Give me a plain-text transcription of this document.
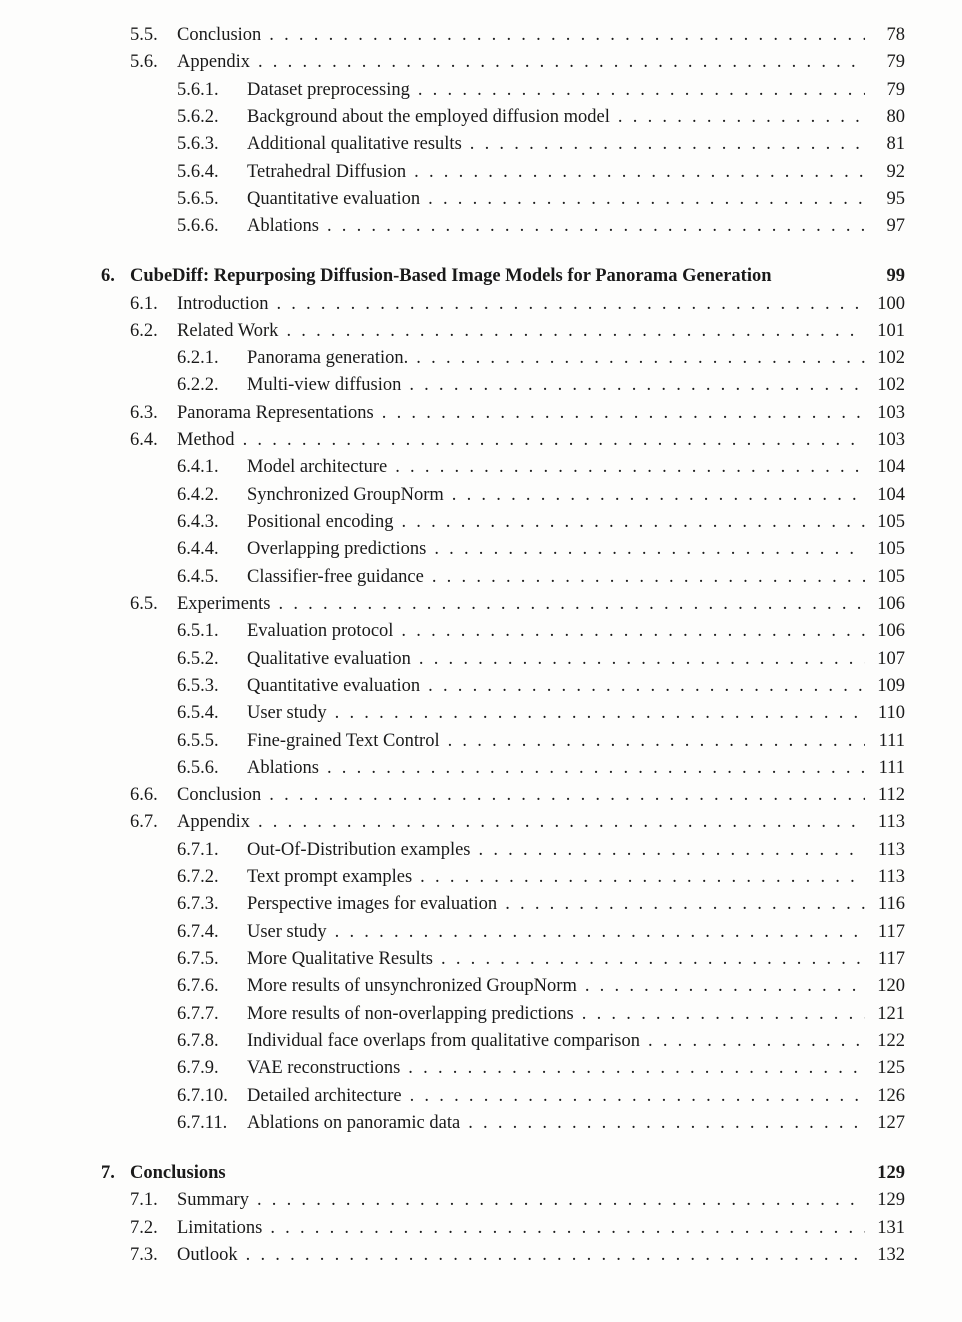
5.5.	Conclusion .....	78
5.6.	Appendix .....	79
5.6.1.	Dataset preprocessing .....	79
5.6.2.	Background about the employed diffusion model .....	80
5.6.3.	Additional qualitative results .....	81
5.6.4.	Tetrahedral Diffusion .....	92
5.6.5.	Quantitative evaluation .....	95
5.6.6.	Ablations .....	97
6. CubeDiff: Repurposing Diffusion-Based Image Models for Panorama Generation	99
6.1.	Introduction .....	100
6.2.	Related Work .....	101
6.2.1.	Panorama generation. .....	102
6.2.2.	Multi-view diffusion .....	102
6.3.	Panorama Representations .....	103
6.4.	Method .....	103
6.4.1.	Model architecture .....	104
6.4.2.	Synchronized GroupNorm .....	104
6.4.3.	Positional encoding .....	105
6.4.4.	Overlapping predictions .....	105
6.4.5.	Classifier-free guidance .....	105
6.5.	Experiments .....	106
6.5.1.	Evaluation protocol .....	106
6.5.2.	Qualitative evaluation .....	107
6.5.3.	Quantitative evaluation .....	109
6.5.4.	User study .....	110
6.5.5.	Fine-grained Text Control .....	111
6.5.6.	Ablations .....	111
6.6.	Conclusion .....	112
6.7.	Appendix .....	113
6.7.1.	Out-Of-Distribution examples .....	113
6.7.2.	Text prompt examples .....	113
6.7.3.	Perspective images for evaluation .....	116
6.7.4.	User study .....	117
6.7.5.	More Qualitative Results .....	117
6.7.6.	More results of unsynchronized GroupNorm .....	120
6.7.7.	More results of non-overlapping predictions .....	121
6.7.8.	Individual face overlaps from qualitative comparison .....	122
6.7.9.	VAE reconstructions .....	125
6.7.10.	Detailed architecture .....	126
6.7.11.	Ablations on panoramic data .....	127
7. Conclusions	129
7.1.	Summary .....	129
7.2.	Limitations .....	131
7.3.	Outlook .....	132
